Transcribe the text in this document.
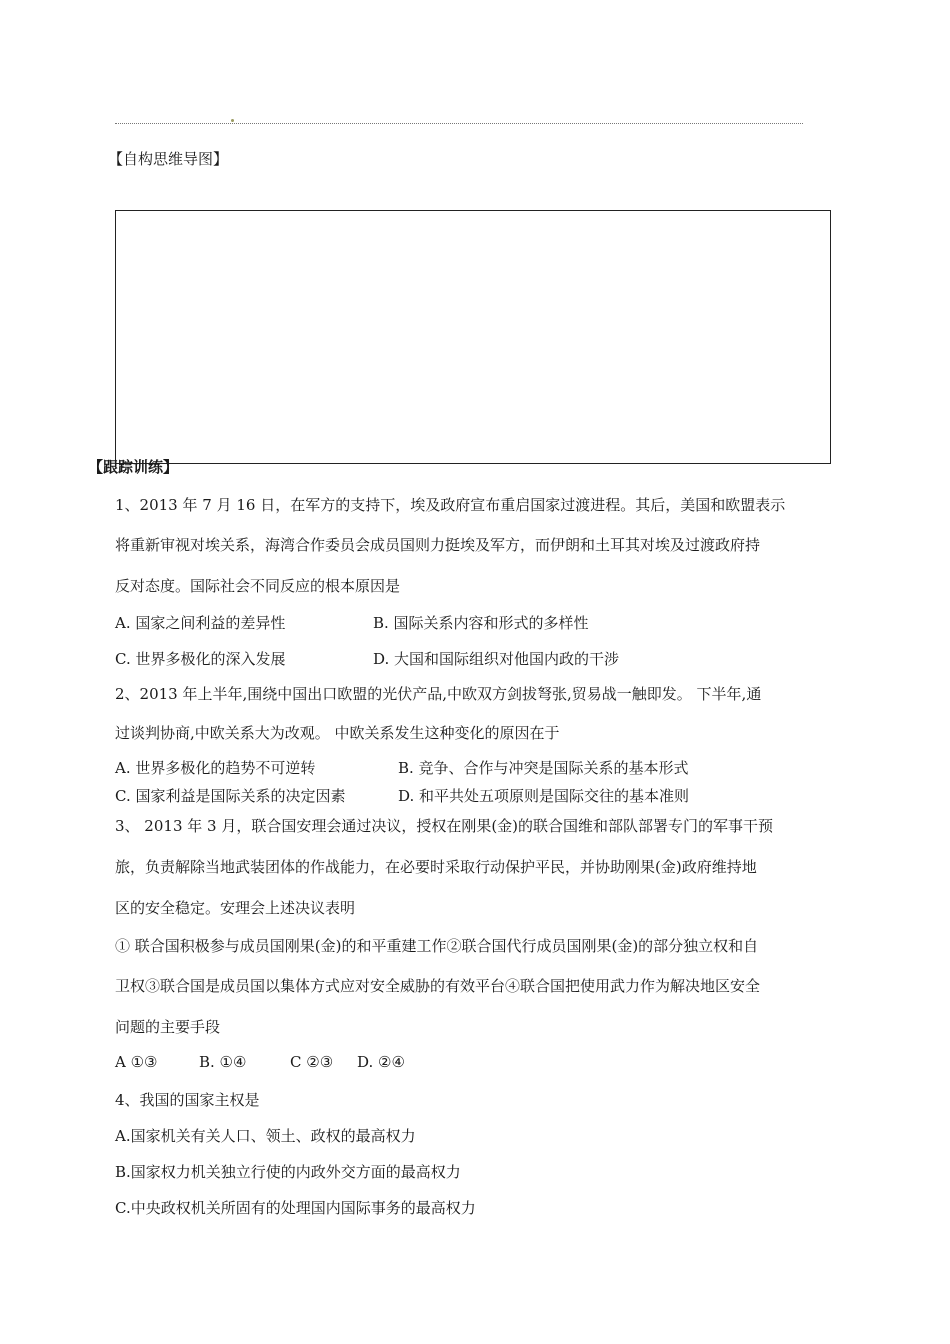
【自构思维导图】
【跟踪训练】
1、2013 年 7 月 16 日，在军方的支持下，埃及政府宣布重启国家过渡进程。其后，美国和欧盟表示
将重新审视对埃关系，海湾合作委员会成员国则力挺埃及军方，而伊朗和土耳其对埃及过渡政府持
反对态度。国际社会不同反应的根本原因是
A. 国家之间利益的差异性	B. 国际关系内容和形式的多样性
C. 世界多极化的深入发展	D. 大国和国际组织对他国内政的干涉
2、2013 年上半年,围绕中国出口欧盟的光伏产品,中欧双方剑拔弩张,贸易战一触即发。 下半年,通
过谈判协商,中欧关系大为改观。 中欧关系发生这种变化的原因在于
A. 世界多极化的趋势不可逆转	B. 竞争、合作与冲突是国际关系的基本形式
C. 国家利益是国际关系的决定因素	D. 和平共处五项原则是国际交往的基本准则
3、 2013 年 3 月，联合国安理会通过决议，授权在刚果(金)的联合国维和部队部署专门的军事干预
旅，负责解除当地武装团体的作战能力，在必要时采取行动保护平民，并协助刚果(金)政府维持地
区的安全稳定。安理会上述决议表明
① 联合国积极参与成员国刚果(金)的和平重建工作②联合国代行成员国刚果(金)的部分独立权和自
卫权③联合国是成员国以集体方式应对安全威胁的有效平台④联合国把使用武力作为解决地区安全
问题的主要手段
A ①③	B. ①④	C ②③ D. ②④
4、我国的国家主权是
A.国家机关有关人口、领土、政权的最高权力
B.国家权力机关独立行使的内政外交方面的最高权力
C.中央政权机关所固有的处理国内国际事务的最高权力
